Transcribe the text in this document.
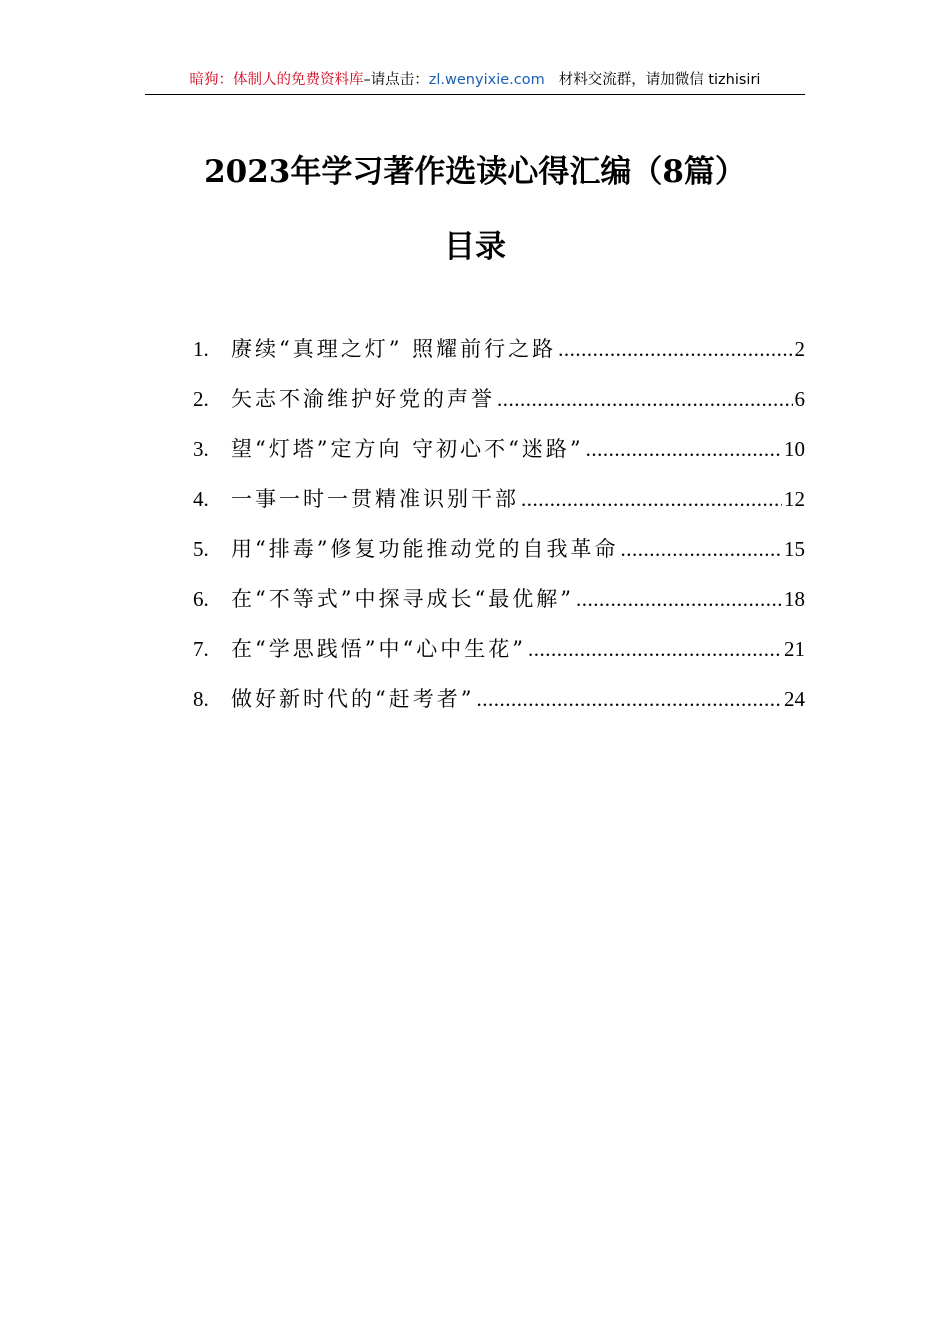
暗狗：体制人的免费资料库–请点击：zl.wenyixie.com 材料交流群，请加微信 tizhisiri
2023年学习著作选读心得汇编（8篇）
目录
1.	赓续“真理之灯” 照耀前行之路 .....	2
2.	矢志不渝维护好党的声誉 .....	6
3.	望“灯塔”定方向 守初心不“迷路” .....	10
4.	一事一时一贯精准识别干部 .....	12
5.	用“排毒”修复功能推动党的自我革命 .....	15
6.	在“不等式”中探寻成长“最优解” .....	18
7.	在“学思践悟”中“心中生花” .....	21
8.	做好新时代的“赶考者” .....	24
